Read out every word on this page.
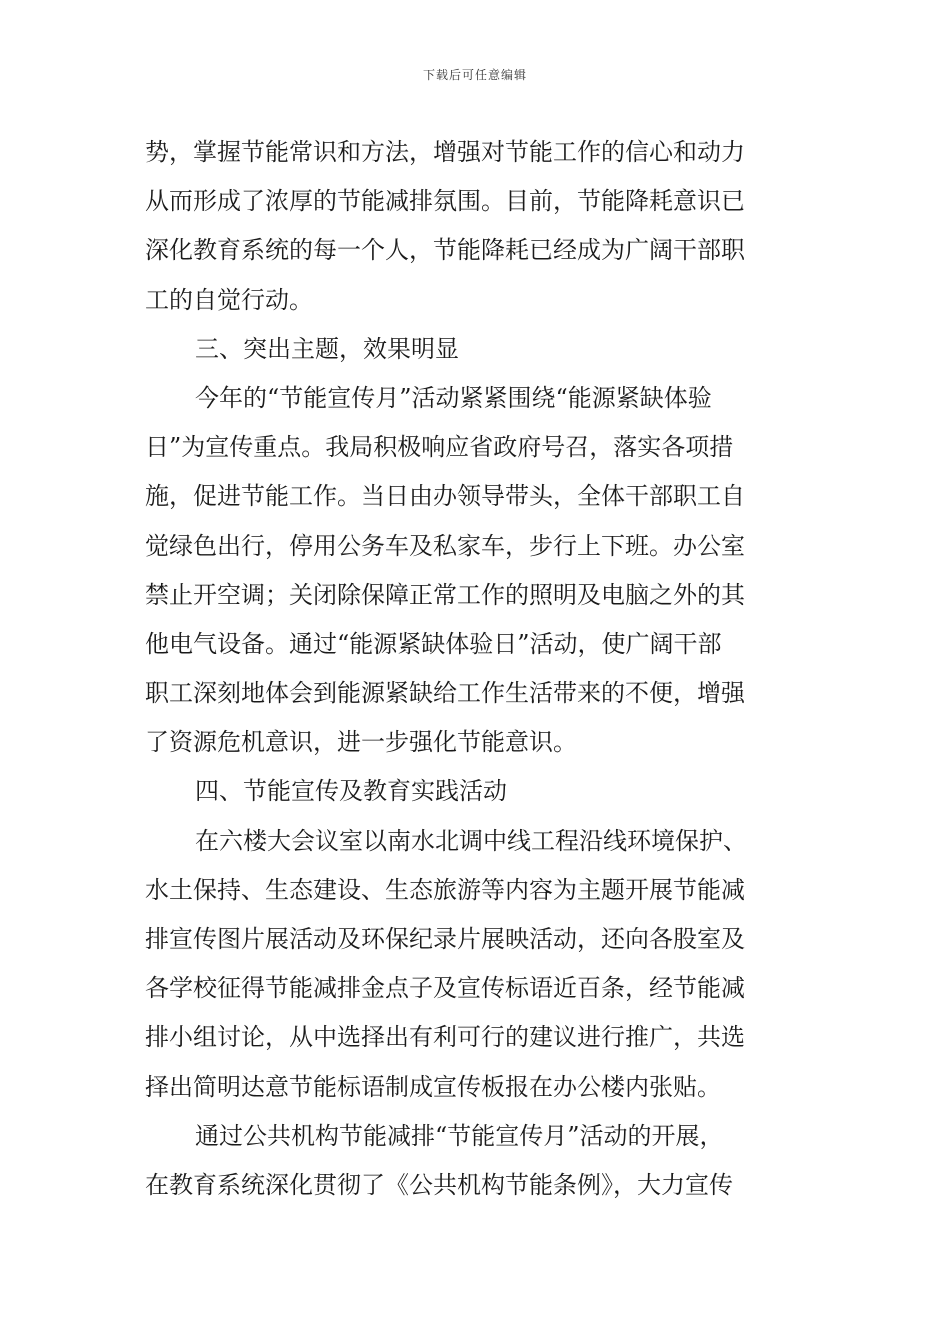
下载后可任意编辑
势，掌握节能常识和方法，增强对节能工作的信心和动力
从而形成了浓厚的节能减排氛围。目前，节能降耗意识已
深化教育系统的每一个人，节能降耗已经成为广阔干部职
工的自觉行动。
三、突出主题，效果明显
今年的“节能宣传月”活动紧紧围绕“能源紧缺体验
日”为宣传重点。我局积极响应省政府号召，落实各项措
施，促进节能工作。当日由办领导带头，全体干部职工自
觉绿色出行，停用公务车及私家车，步行上下班。办公室
禁止开空调；关闭除保障正常工作的照明及电脑之外的其
他电气设备。通过“能源紧缺体验日”活动，使广阔干部
职工深刻地体会到能源紧缺给工作生活带来的不便，增强
了资源危机意识，进一步强化节能意识。
四、节能宣传及教育实践活动
在六楼大会议室以南水北调中线工程沿线环境保护、
水土保持、生态建设、生态旅游等内容为主题开展节能减
排宣传图片展活动及环保纪录片展映活动，还向各股室及
各学校征得节能减排金点子及宣传标语近百条，经节能减
排小组讨论，从中选择出有利可行的建议进行推广，共选
择出简明达意节能标语制成宣传板报在办公楼内张贴。
通过公共机构节能减排“节能宣传月”活动的开展，
在教育系统深化贯彻了《公共机构节能条例》，大力宣传
